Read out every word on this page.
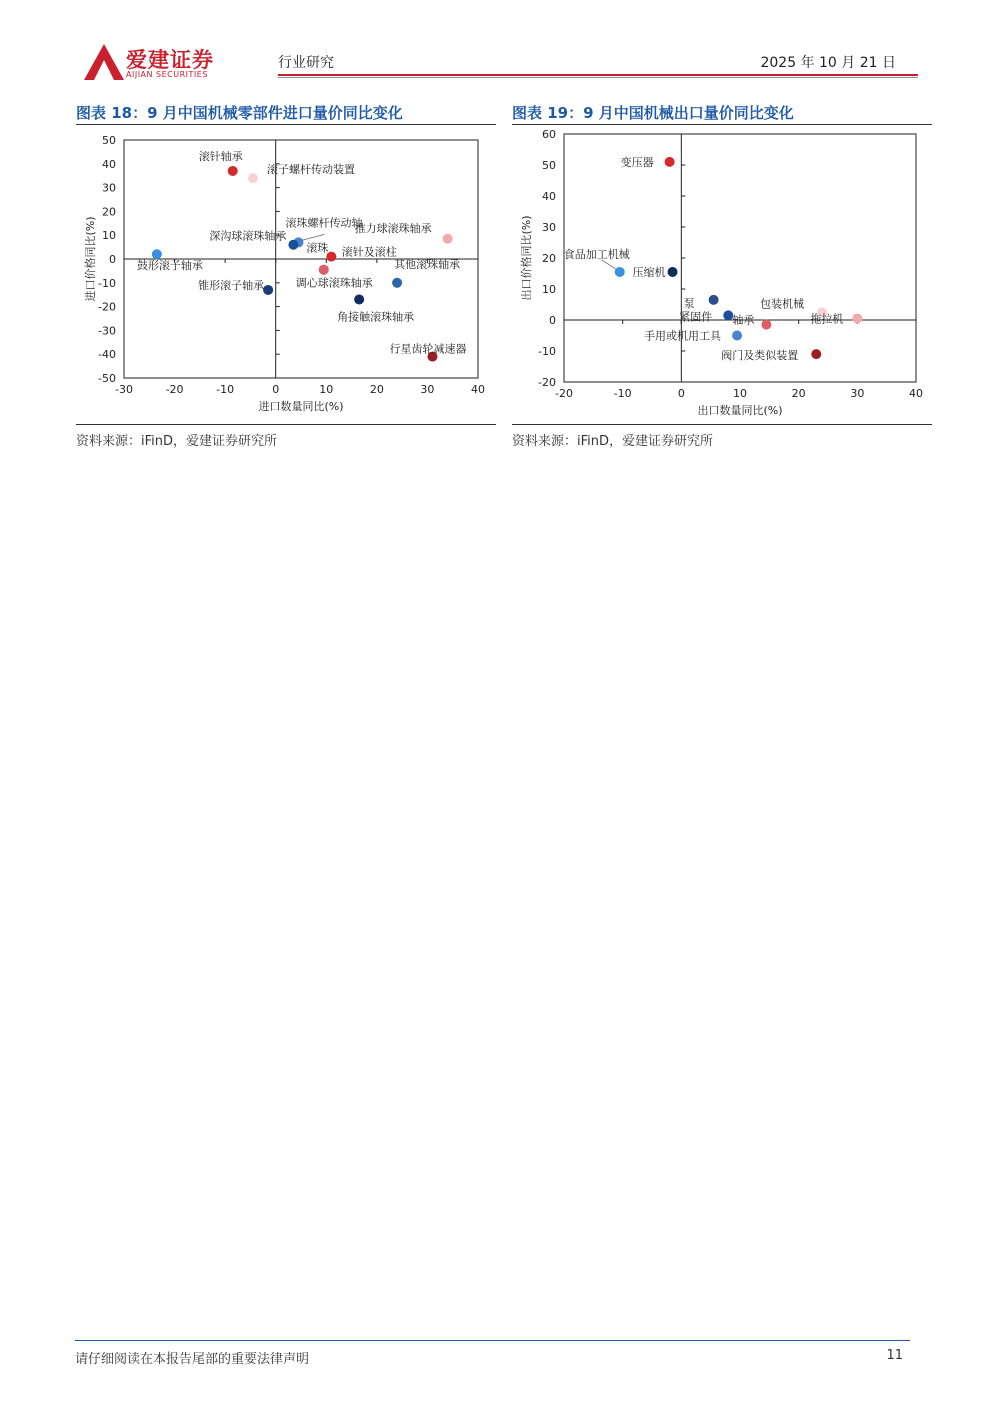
爱建证券
AIJIAN SECURITIES
行业研究	2025 年 10 月 21 日
图表 18：9 月中国机械零部件进口量价同比变化
-30	-20	-10	0	10	20	30	40
-50
-40
-30
-20
-10
0
10
20
30
40
50
进口数量同比(%)
进口价格同比(%)
滚针轴承
滚子螺杆传动装置
滚珠螺杆传动轴
深沟球滚珠轴承
推力球滚珠轴承
鼓形滚子轴承
滚珠 滚针及滚柱
调心球滚珠轴承
其他滚珠轴承
锥形滚子轴承
角接触滚珠轴承
行星齿轮减速器
资料来源：iFinD，爱建证券研究所
图表 19：9 月中国机械出口量价同比变化
-20	-10	0	10	20	30	40
-20
-10
0
10
20
30
40
50
60
出口数量同比(%)
出口价格同比(%)
变压器
食品加工机械
压缩机
泵
紧固件 轴承
手用或机用工具
包装机械
拖拉机
阀门及类似装置
资料来源：iFinD，爱建证券研究所
请仔细阅读在本报告尾部的重要法律声明	11
